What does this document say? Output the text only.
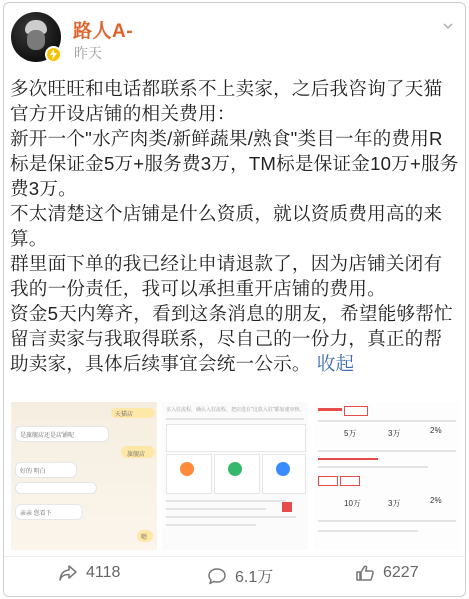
路人A-
昨天

多次旺旺和电话都联系不上卖家，之后我咨询了天猫官方开设店铺的相关费用：

新开一个"水产肉类/新鲜蔬果/熟食"类目一年的费用R标是保证金5万+服务费3万，TM标是保证金10万+服务费3万。

不太清楚这个店铺是什么资质，就以资质费用高的来算。

群里面下单的我已经让申请退款了，因为店铺关闭有我的一份责任，我可以承担重开店铺的费用。

资金5天内筹齐，看到这条消息的朋友，希望能够帮忙留言卖家与我取得联系，尽自己的一份力，真正的帮助卖家，具体后续事宜会统一公示。 收起

天猫店
是旗舰店还是店铺呢
旗舰店
好的 明白
亲亲 您看下
嗯
亲入驻流程，确认入驻流程，把店选在"这款入驻"都加速审核。
5万	3万	2%
10万	3万	2%
4118	6.1万	6227
